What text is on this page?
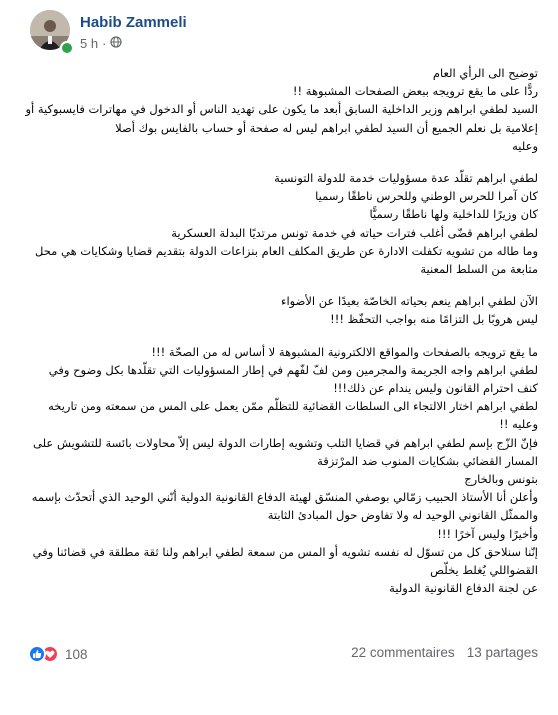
Habib Zammeli
5 h ·

توضيح الى الرأي العام

ردًّا على ما يقع ترويجه ببعض الصفحات المشبوهة !!

السيد لطفي ابراهم وزير الداخلية السابق أبعد ما يكون على تهديد الناس أو الدخول في مهاترات فايسبوكية أو

إعلامية بل نعلم الجميع أن السيد لطفي ابراهم ليس له صفحة أو حساب بالفايس بوك أصلا

وعليه

لطفي ابراهم تقلّد عدة مسؤوليات خدمة للدولة التونسية

كان آمرا للحرس الوطني وللحرس ناطقًا رسميا

كان وزيرًا للداخلية ولها ناطقًا رسميًّا

لطفي ابراهم قضّى أغلب فترات حياته في خدمة تونس مرتديًا البدلة العسكرية

وما طاله من تشويه تكفلت الادارة عن طريق المكلف العام بنزاعات الدولة بتقديم قضايا وشكايات هي محل

متابعة من السلط المعنية

الآن لطفي ابراهم ينعم بحياته الخاصّة بعيدًا عن الأضواء

ليس هروبًا بل التزامًا منه بواجب التحفّظ !!!

ما يقع ترويجه بالصفحات والمواقع الالكترونية المشبوهة لا أساس له من الصحّة !!!

لطفي ابراهم واجه الجريمة والمجرمين ومن لفّ لفّهم في إطار المسؤوليات التي تقلّدها بكل وضوح وفي

كنف احترام القانون وليس يندام عن ذلك!!!

لطفي ابراهم اختار الالتجاء الى السلطات القضائية للتظلّم ممّن يعمل على المس من سمعته ومن تاريخه

وعليه !!

فإنّ الزّج بإسم لطفي ابراهم في قضايا التلب وتشويه إطارات الدولة ليس إلاّ محاولات بائسة للتشويش على

المسار القضائي بشكايات المنوب ضد المرْتزقة

بتونس وبالخارج

وأعلن أنا الأستاذ الحبيب زمّالي بوصفي المنسّق لهيئة الدفاع القانونية الدولية أنّني الوحيد الذي أتحدّث بإسمه

والممثّل القانوني الوحيد له ولا تفاوض حول المبادئ الثابتة

وأخيرًا وليس آخرًا !!!

إنّنا سنلاحق كل من تسوّل له نفسه تشويه أو المس من سمعة لطفي ابراهم ولنا ثقة مطلقة في قضائنا وفي

القضواللي يُغلط يخلّص

عن لجنة الدفاع القانونية الدولية

108	22 commentaires 13 partages
